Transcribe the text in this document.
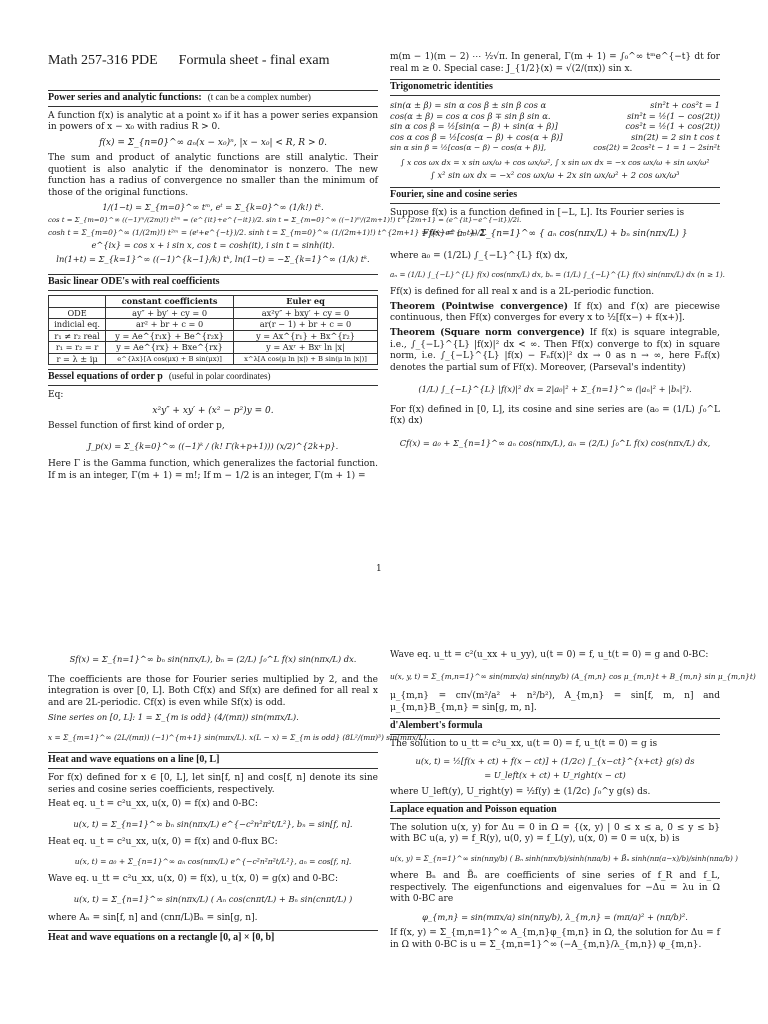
Math 257-316 PDE Formula sheet - final exam
Power series and analytic functions: (t can be a complex number)

A function f(x) is analytic at a point x₀ if it has a power series expansion in powers of x − x₀ with radius R > 0.

f(x) = Σ_{n=0}^∞ aₙ(x − x₀)ⁿ, |x − x₀| < R, R > 0.

The sum and product of analytic functions are still analytic. Their quotient is also analytic if the denominator is nonzero. The new function has a radius of convergence no smaller than the minimum of those of the original functions.

1/(1−t) = Σ_{m=0}^∞ tᵐ, eᵗ = Σ_{k=0}^∞ (1/k!) tᵏ.
cos t = Σ_{m=0}^∞ ((−1)ᵐ/(2m)!) t²ᵐ = (e^{it}+e^{−it})/2. sin t = Σ_{m=0}^∞ ((−1)ᵐ/(2m+1)!) t^{2m+1} = (e^{it}−e^{−it})/2i.
cosh t = Σ_{m=0}^∞ (1/(2m)!) t²ᵐ = (eᵗ+e^{−t})/2. sinh t = Σ_{m=0}^∞ (1/(2m+1)!) t^{2m+1} = (eᵗ−e^{−t})/2.
e^{ix} = cos x + i sin x, cos t = cosh(it), i sin t = sinh(it).
ln(1+t) = Σ_{k=1}^∞ ((−1)^{k−1}/k) tᵏ, ln(1−t) = −Σ_{k=1}^∞ (1/k) tᵏ.
Basic linear ODE's with real coefficients
	constant coefficients	Euler eq
ODE	ay″ + by′ + cy = 0	ax²y″ + bxy′ + cy = 0
indicial eq.	ar² + br + c = 0	ar(r − 1) + br + c = 0
r₁ ≠ r₂ real	y = Ae^{r₁x} + Be^{r₂x}	y = Ax^{r₁} + Bx^{r₂}
r₁ = r₂ = r	y = Ae^{rx} + Bxe^{rx}	y = Axʳ + Bxʳ ln |x|
r = λ ± iμ	e^{λx}[A cos(μx) + B sin(μx)]	x^λ[A cos(μ ln |x|) + B sin(μ ln |x|)]
Bessel equations of order p (useful in polar coordinates)

Eq:

x²y″ + xy′ + (x² − p²)y = 0.

Bessel function of first kind of order p,

J_p(x) = Σ_{k=0}^∞ ((−1)ᵏ / (k! Γ(k+p+1))) (x/2)^{2k+p}.

Here Γ is the Gamma function, which generalizes the factorial function. If m is an integer, Γ(m + 1) = m!; If m − 1/2 is an integer, Γ(m + 1) =

m(m − 1)(m − 2) ⋯ ½√π. In general, Γ(m + 1) = ∫₀^∞ tᵐe^{−t} dt for real m ≥ 0. Special case: J_{1/2}(x) = √(2/(πx)) sin x.

Trigonometric identities
sin(α ± β) = sin α cos β ± sin β cos α	sin²t + cos²t = 1
cos(α ± β) = cos α cos β ∓ sin β sin α.	sin²t = ½(1 − cos(2t))
sin α cos β = ½[sin(α − β) + sin(α + β)]	cos²t = ½(1 + cos(2t))
cos α cos β = ½[cos(α − β) + cos(α + β)]	sin(2t) = 2 sin t cos t
sin α sin β = ½[cos(α − β) − cos(α + β)],	cos(2t) = 2cos²t − 1 = 1 − 2sin²t
∫ x cos ωx dx = x sin ωx/ω + cos ωx/ω², ∫ x sin ωx dx = −x cos ωx/ω + sin ωx/ω²
∫ x² sin ωx dx = −x² cos ωx/ω + 2x sin ωx/ω² + 2 cos ωx/ω³
Fourier, sine and cosine series

Suppose f(x) is a function defined in [−L, L]. Its Fourier series is

Ff(x) = a₀ + Σ_{n=1}^∞ { aₙ cos(nπx/L) + bₙ sin(nπx/L) }

where a₀ = (1/2L) ∫_{−L}^{L} f(x) dx,

aₙ = (1/L) ∫_{−L}^{L} f(x) cos(nπx/L) dx, bₙ = (1/L) ∫_{−L}^{L} f(x) sin(nπx/L) dx (n ≥ 1).

Ff(x) is defined for all real x and is a 2L-periodic function.

Theorem (Pointwise convergence) If f(x) and f′(x) are piecewise continuous, then Ff(x) converges for every x to ½[f(x−) + f(x+)].

Theorem (Square norm convergence) If f(x) is square integrable, i.e., ∫_{−L}^{L} |f(x)|² dx < ∞. Then Ff(x) converge to f(x) in square norm, i.e. ∫_{−L}^{L} |f(x) − Fₙf(x)|² dx → 0 as n → ∞, here Fₙf(x) denotes the partial sum of Ff(x). Moreover, (Parseval's indentity)

(1/L) ∫_{−L}^{L} |f(x)|² dx = 2|a₀|² + Σ_{n=1}^∞ (|aₙ|² + |bₙ|²).

For f(x) defined in [0, L], its cosine and sine series are (a₀ = (1/L) ∫₀^L f(x) dx)

Cf(x) = a₀ + Σ_{n=1}^∞ aₙ cos(nπx/L), aₙ = (2/L) ∫₀^L f(x) cos(nπx/L) dx,
1
Sf(x) = Σ_{n=1}^∞ bₙ sin(nπx/L), bₙ = (2/L) ∫₀^L f(x) sin(nπx/L) dx.

The coefficients are those for Fourier series multiplied by 2, and the integration is over [0, L]. Both Cf(x) and Sf(x) are defined for all real x and are 2L-periodic. Cf(x) is even while Sf(x) is odd.

Sine series on [0, L]: 1 = Σ_{m is odd} (4/(mπ)) sin(mπx/L).

x = Σ_{m=1}^∞ (2L/(mπ)) (−1)^{m+1} sin(mπx/L). x(L − x) = Σ_{m is odd} (8L²/(mπ)³) sin(mπx/L).
Heat and wave equations on a line [0, L]

For f(x) defined for x ∈ [0, L], let sin[f, n] and cos[f, n] denote its sine series and cosine series coefficients, respectively.

Heat eq. u_t = c²u_xx, u(x, 0) = f(x) and 0-BC:

u(x, t) = Σ_{n=1}^∞ bₙ sin(nπx/L) e^{−c²n²π²t/L²}, bₙ = sin[f, n].

Heat eq. u_t = c²u_xx, u(x, 0) = f(x) and 0-flux BC:

u(x, t) = a₀ + Σ_{n=1}^∞ aₙ cos(nπx/L) e^{−c²n²π²t/L²}, aₙ = cos[f, n].

Wave eq. u_tt = c²u_xx, u(x, 0) = f(x), u_t(x, 0) = g(x) and 0-BC:

u(x, t) = Σ_{n=1}^∞ sin(nπx/L) ( Aₙ cos(cnπt/L) + Bₙ sin(cnπt/L) )

where Aₙ = sin[f, n] and (cnπ/L)Bₙ = sin[g, n].

Heat and wave equations on a rectangle [0, a] × [0, b]

Wave eq. u_tt = c²(u_xx + u_yy), u(t = 0) = f, u_t(t = 0) = g and 0-BC:

u(x, y, t) = Σ_{m,n=1}^∞ sin(mπx/a) sin(nπy/b) (A_{m,n} cos μ_{m,n}t + B_{m,n} sin μ_{m,n}t)

μ_{m,n} = cπ√(m²/a² + n²/b²), A_{m,n} = sin[f, m, n] and μ_{m,n}B_{m,n} = sin[g, m, n].

d'Alembert's formula

The solution to u_tt = c²u_xx, u(t = 0) = f, u_t(t = 0) = g is

u(x, t) = ½[f(x + ct) + f(x − ct)] + (1/2c) ∫_{x−ct}^{x+ct} g(s) ds
= U_left(x + ct) + U_right(x − ct)

where U_left(y), U_right(y) = ½f(y) ± (1/2c) ∫₀^y g(s) ds.

Laplace equation and Poisson equation

The solution u(x, y) for Δu = 0 in Ω = {(x, y) | 0 ≤ x ≤ a, 0 ≤ y ≤ b} with BC u(a, y) = f_R(y), u(0, y) = f_L(y), u(x, 0) = 0 = u(x, b) is

u(x, y) = Σ_{n=1}^∞ sin(nπy/b) ( Bₙ sinh(nπx/b)/sinh(nπa/b) + B̃ₙ sinh(nπ(a−x)/b)/sinh(nπa/b) )

where Bₙ and B̃ₙ are coefficients of sine series of f_R and f_L, respectively. The eigenfunctions and eigenvalues for −Δu = λu in Ω with 0-BC are

φ_{m,n} = sin(mπx/a) sin(nπy/b), λ_{m,n} = (mπ/a)² + (nπ/b)².

If f(x, y) = Σ_{m,n=1}^∞ A_{m,n}φ_{m,n} in Ω, the solution for Δu = f in Ω with 0-BC is u = Σ_{m,n=1}^∞ (−A_{m,n}/λ_{m,n}) φ_{m,n}.
